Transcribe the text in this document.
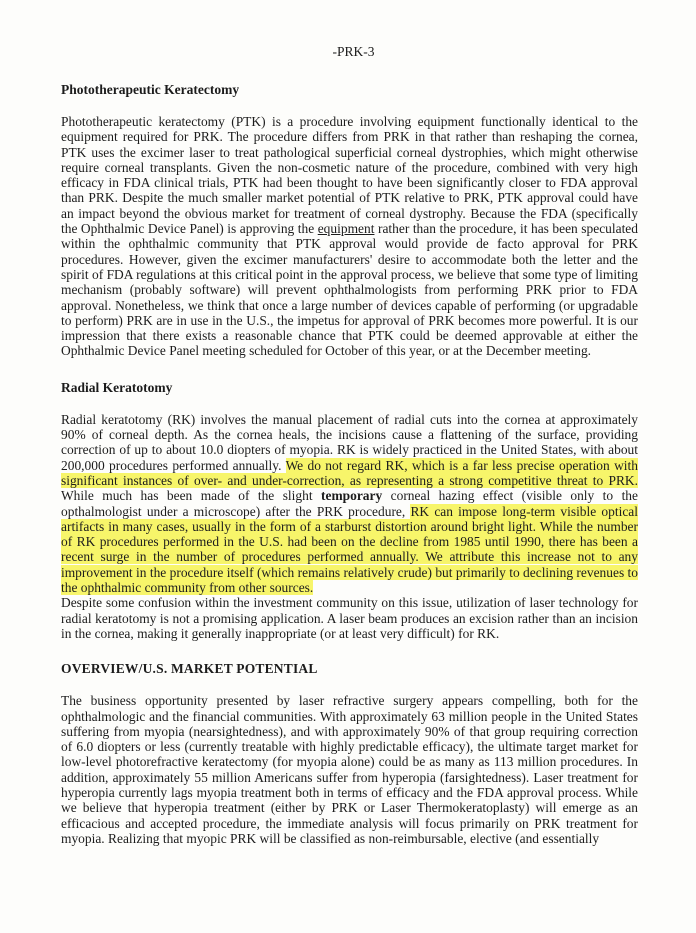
-PRK-3
Phototherapeutic Keratectomy

Phototherapeutic keratectomy (PTK) is a procedure involving equipment functionally identical to the equipment required for PRK. The procedure differs from PRK in that rather than reshaping the cornea, PTK uses the excimer laser to treat pathological superficial corneal dystrophies, which might otherwise require corneal transplants. Given the non-cosmetic nature of the procedure, combined with very high efficacy in FDA clinical trials, PTK had been thought to have been significantly closer to FDA approval than PRK. Despite the much smaller market potential of PTK relative to PRK, PTK approval could have an impact beyond the obvious market for treatment of corneal dystrophy. Because the FDA (specifically the Ophthalmic Device Panel) is approving the equipment rather than the procedure, it has been speculated within the ophthalmic community that PTK approval would provide de facto approval for PRK procedures. However, given the excimer manufacturers' desire to accommodate both the letter and the spirit of FDA regulations at this critical point in the approval process, we believe that some type of limiting mechanism (probably software) will prevent ophthalmologists from performing PRK prior to FDA approval. Nonetheless, we think that once a large number of devices capable of performing (or upgradable to perform) PRK are in use in the U.S., the impetus for approval of PRK becomes more powerful. It is our impression that there exists a reasonable chance that PTK could be deemed approvable at either the Ophthalmic Device Panel meeting scheduled for October of this year, or at the December meeting.

Radial Keratotomy

Radial keratotomy (RK) involves the manual placement of radial cuts into the cornea at approximately 90% of corneal depth. As the cornea heals, the incisions cause a flattening of the surface, providing correction of up to about 10.0 diopters of myopia. RK is widely practiced in the United States, with about 200,000 procedures performed annually. We do not regard RK, which is a far less precise operation with significant instances of over- and under-correction, as representing a strong competitive threat to PRK. While much has been made of the slight temporary corneal hazing effect (visible only to the opthalmologist under a microscope) after the PRK procedure, RK can impose long-term visible optical artifacts in many cases, usually in the form of a starburst distortion around bright light. While the number of RK procedures performed in the U.S. had been on the decline from 1985 until 1990, there has been a recent surge in the number of procedures performed annually. We attribute this increase not to any improvement in the procedure itself (which remains relatively crude) but primarily to declining revenues to the ophthalmic community from other sources.

Despite some confusion within the investment community on this issue, utilization of laser technology for radial keratotomy is not a promising application. A laser beam produces an excision rather than an incision in the cornea, making it generally inappropriate (or at least very difficult) for RK.

OVERVIEW/U.S. MARKET POTENTIAL

The business opportunity presented by laser refractive surgery appears compelling, both for the ophthalmologic and the financial communities. With approximately 63 million people in the United States suffering from myopia (nearsightedness), and with approximately 90% of that group requiring correction of 6.0 diopters or less (currently treatable with highly predictable efficacy), the ultimate target market for low-level photorefractive keratectomy (for myopia alone) could be as many as 113 million procedures. In addition, approximately 55 million Americans suffer from hyperopia (farsightedness). Laser treatment for hyperopia currently lags myopia treatment both in terms of efficacy and the FDA approval process. While we believe that hyperopia treatment (either by PRK or Laser Thermokeratoplasty) will emerge as an efficacious and accepted procedure, the immediate analysis will focus primarily on PRK treatment for myopia. Realizing that myopic PRK will be classified as non-reimbursable, elective (and essentially
